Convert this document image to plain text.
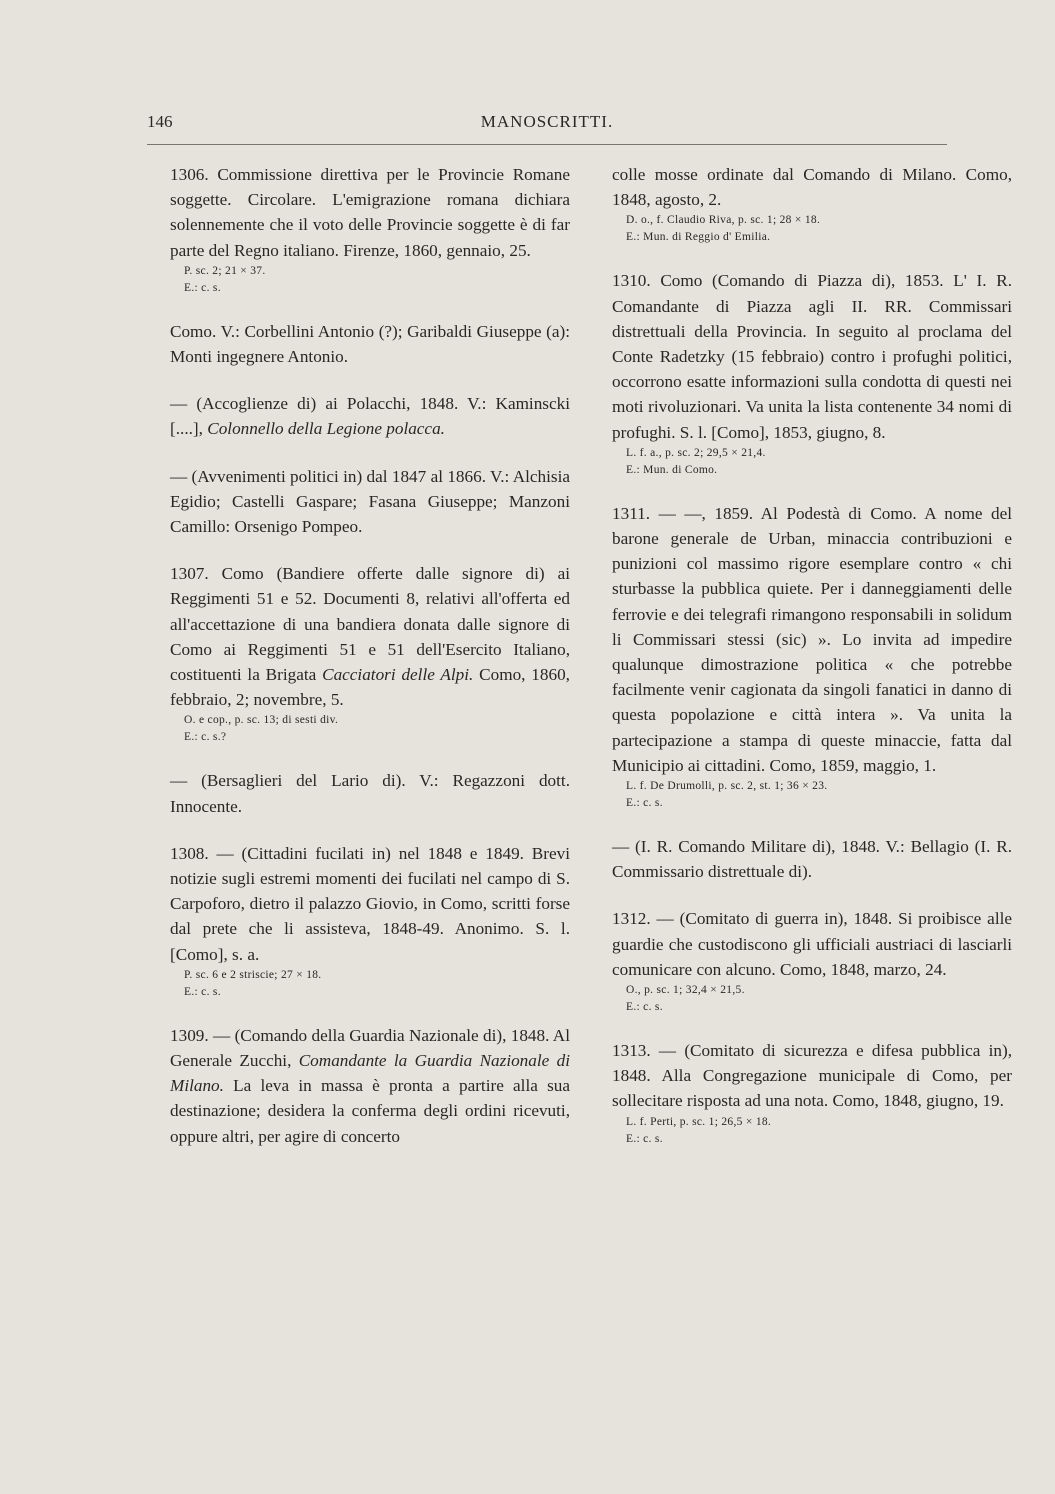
146	MANOSCRITTI.

1306. Commissione direttiva per le Provincie Romane soggette. Circolare. L'emigrazione romana dichiara solennemente che il voto delle Provincie soggette è di far parte del Regno italiano. Firenze, 1860, gennaio, 25.

P. sc. 2; 21 × 37.

E.: c. s.

Como. V.: Corbellini Antonio (?); Garibaldi Giuseppe (a): Monti ingegnere Antonio.

— (Accoglienze di) ai Polacchi, 1848. V.: Kaminscki [....], Colonnello della Legione polacca.

— (Avvenimenti politici in) dal 1847 al 1866. V.: Alchisia Egidio; Castelli Gaspare; Fasana Giuseppe; Manzoni Camillo: Orsenigo Pompeo.

1307. Como (Bandiere offerte dalle signore di) ai Reggimenti 51 e 52. Documenti 8, relativi all'offerta ed all'accettazione di una bandiera donata dalle signore di Como ai Reggimenti 51 e 51 dell'Esercito Italiano, costituenti la Brigata Cacciatori delle Alpi. Como, 1860, febbraio, 2; novembre, 5.

O. e cop., p. sc. 13; di sesti div.

E.: c. s.?

— (Bersaglieri del Lario di). V.: Regazzoni dott. Innocente.

1308. — (Cittadini fucilati in) nel 1848 e 1849. Brevi notizie sugli estremi momenti dei fucilati nel campo di S. Carpoforo, dietro il palazzo Giovio, in Como, scritti forse dal prete che li assisteva, 1848-49. Anonimo. S. l. [Como], s. a.

P. sc. 6 e 2 striscie; 27 × 18.

E.: c. s.

1309. — (Comando della Guardia Nazionale di), 1848. Al Generale Zucchi, Comandante la Guardia Nazionale di Milano. La leva in massa è pronta a partire alla sua destinazione; desidera la conferma degli ordini ricevuti, oppure altri, per agire di concerto

colle mosse ordinate dal Comando di Milano. Como, 1848, agosto, 2.

D. o., f. Claudio Riva, p. sc. 1; 28 × 18.

E.: Mun. di Reggio d' Emilia.

1310. Como (Comando di Piazza di), 1853. L' I. R. Comandante di Piazza agli II. RR. Commissari distrettuali della Provincia. In seguito al proclama del Conte Radetzky (15 febbraio) contro i profughi politici, occorrono esatte informazioni sulla condotta di questi nei moti rivoluzionari. Va unita la lista contenente 34 nomi di profughi. S. l. [Como], 1853, giugno, 8.

L. f. a., p. sc. 2; 29,5 × 21,4.

E.: Mun. di Como.

1311. — —, 1859. Al Podestà di Como. A nome del barone generale de Urban, minaccia contribuzioni e punizioni col massimo rigore esemplare contro « chi sturbasse la pubblica quiete. Per i danneggiamenti delle ferrovie e dei telegrafi rimangono responsabili in solidum li Commissari stessi (sic) ». Lo invita ad impedire qualunque dimostrazione politica « che potrebbe facilmente venir cagionata da singoli fanatici in danno di questa popolazione e città intera ». Va unita la partecipazione a stampa di queste minaccie, fatta dal Municipio ai cittadini. Como, 1859, maggio, 1.

L. f. De Drumolli, p. sc. 2, st. 1; 36 × 23.

E.: c. s.

— (I. R. Comando Militare di), 1848. V.: Bellagio (I. R. Commissario distrettuale di).

1312. — (Comitato di guerra in), 1848. Si proibisce alle guardie che custodiscono gli ufficiali austriaci di lasciarli comunicare con alcuno. Como, 1848, marzo, 24.

O., p. sc. 1; 32,4 × 21,5.

E.: c. s.

1313. — (Comitato di sicurezza e difesa pubblica in), 1848. Alla Congregazione municipale di Como, per sollecitare risposta ad una nota. Como, 1848, giugno, 19.

L. f. Perti, p. sc. 1; 26,5 × 18.

E.: c. s.
